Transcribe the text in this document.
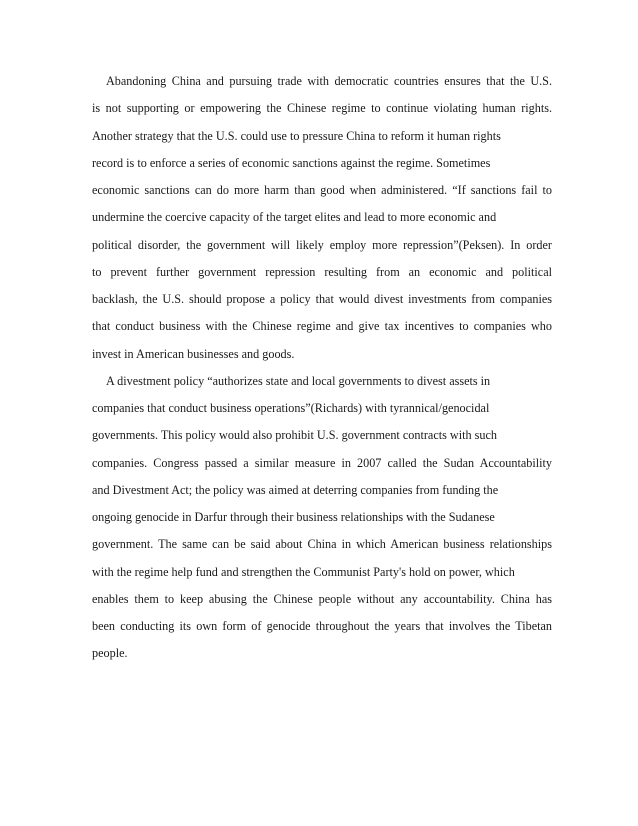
Abandoning China and pursuing trade with democratic countries ensures that the U.S.
is not supporting or empowering the Chinese regime to continue violating human rights.
Another strategy that the U.S. could use to pressure China to reform it human rights
record is to enforce a series of economic sanctions against the regime. Sometimes
economic sanctions can do more harm than good when administered. “If sanctions fail to
undermine the coercive capacity of the target elites and lead to more economic and
political disorder, the government will likely employ more repression”(Peksen). In order
to prevent further government repression resulting from an economic and political
backlash, the U.S. should propose a policy that would divest investments from companies
that conduct business with the Chinese regime and give tax incentives to companies who
invest in American businesses and goods.
A divestment policy “authorizes state and local governments to divest assets in
companies that conduct business operations”(Richards) with tyrannical/genocidal
governments. This policy would also prohibit U.S. government contracts with such
companies. Congress passed a similar measure in 2007 called the Sudan Accountability
and Divestment Act; the policy was aimed at deterring companies from funding the
ongoing genocide in Darfur through their business relationships with the Sudanese
government. The same can be said about China in which American business relationships
with the regime help fund and strengthen the Communist Party's hold on power, which
enables them to keep abusing the Chinese people without any accountability. China has
been conducting its own form of genocide throughout the years that involves the Tibetan
people.
